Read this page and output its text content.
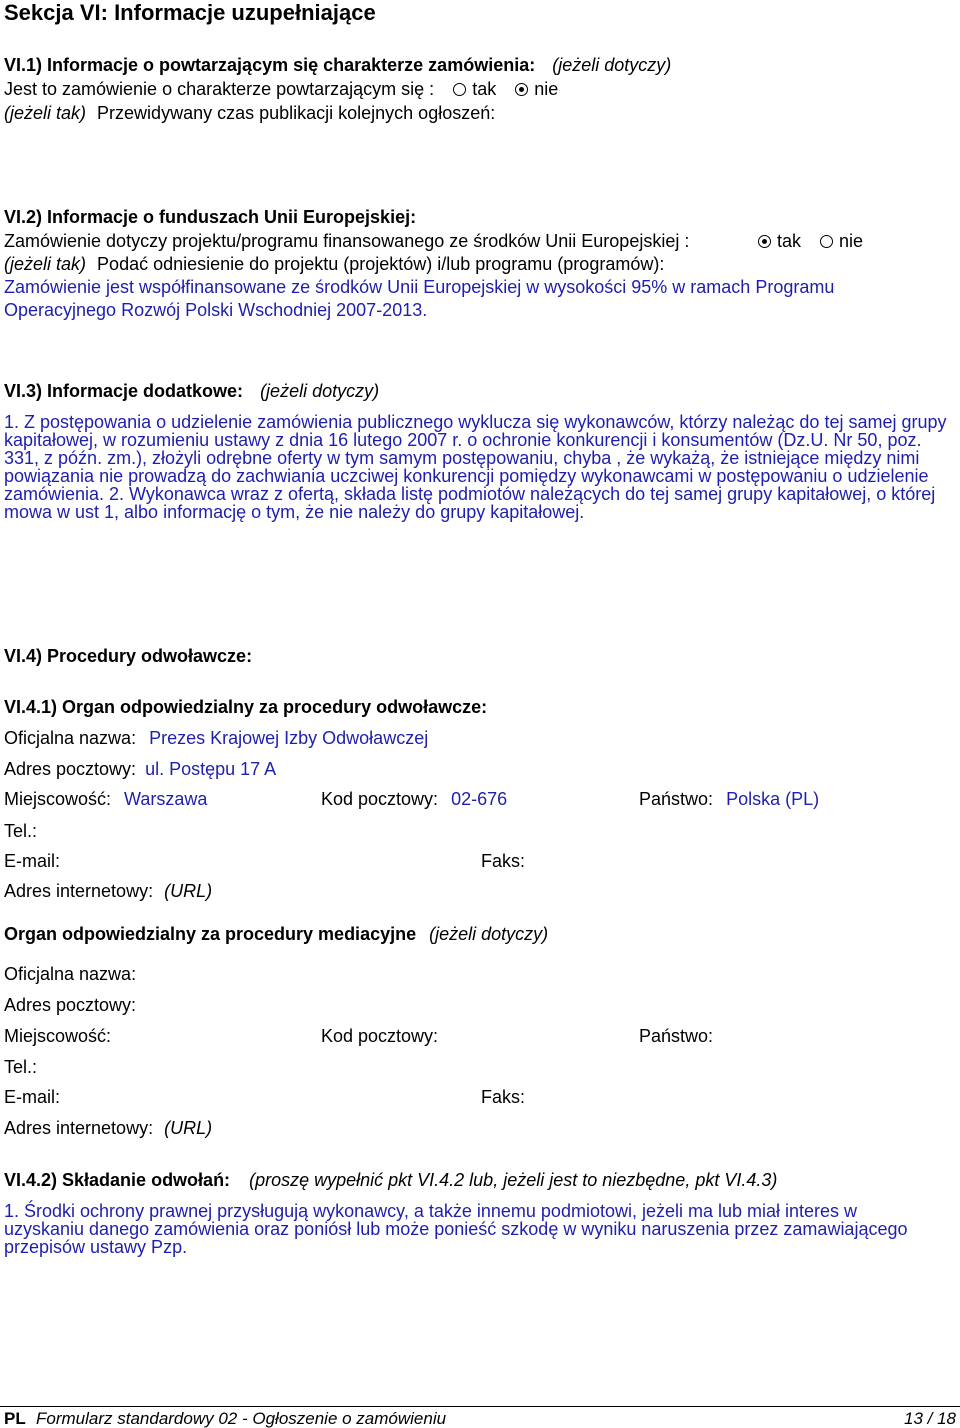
Sekcja VI: Informacje uzupełniające
VI.1) Informacje o powtarzającym się charakterze zamówienia: (jeżeli dotyczy)
Jest to zamówienie o charakterze powtarzającym się : tak nie
(jeżeli tak) Przewidywany czas publikacji kolejnych ogłoszeń:
VI.2) Informacje o funduszach Unii Europejskiej:
Zamówienie dotyczy projektu/programu finansowanego ze środków Unii Europejskiej :	tak nie
(jeżeli tak) Podać odniesienie do projektu (projektów) i/lub programu (programów):
Zamówienie jest współfinansowane ze środków Unii Europejskiej w wysokości 95% w ramach Programu
Operacyjnego Rozwój Polski Wschodniej 2007-2013.
VI.3) Informacje dodatkowe: (jeżeli dotyczy)
1. Z postępowania o udzielenie zamówienia publicznego wyklucza się wykonawców, którzy należąc do tej samej grupy kapitałowej, w rozumieniu ustawy z dnia 16 lutego 2007 r. o ochronie konkurencji i konsumentów (Dz.U. Nr 50, poz. 331, z późn. zm.), złożyli odrębne oferty w tym samym postępowaniu, chyba , że wykażą, że istniejące między nimi powiązania nie prowadzą do zachwiania uczciwej konkurencji pomiędzy wykonawcami w postępowaniu o udzielenie zamówienia. 2. Wykonawca wraz z ofertą, składa listę podmiotów należących do tej samej grupy kapitałowej, o której mowa w ust 1, albo informację o tym, że nie należy do grupy kapitałowej.
VI.4) Procedury odwoławcze:
VI.4.1) Organ odpowiedzialny za procedury odwoławcze:
Oficjalna nazwa: Prezes Krajowej Izby Odwoławczej
Adres pocztowy: ul. Postępu 17 A
Miejscowość: Warszawa	Kod pocztowy: 02-676	Państwo: Polska (PL)
Tel.:
E-mail:	Faks:
Adres internetowy: (URL)
Organ odpowiedzialny za procedury mediacyjne (jeżeli dotyczy)
Oficjalna nazwa:
Adres pocztowy:
Miejscowość:	Kod pocztowy:	Państwo:
Tel.:
E-mail:	Faks:
Adres internetowy: (URL)
VI.4.2) Składanie odwołań: (proszę wypełnić pkt VI.4.2 lub, jeżeli jest to niezbędne, pkt VI.4.3)
1. Środki ochrony prawnej przysługują wykonawcy, a także innemu podmiotowi, jeżeli ma lub miał interes w uzyskaniu danego zamówienia oraz poniósł lub może ponieść szkodę w wyniku naruszenia przez zamawiającego przepisów ustawy Pzp.
PL Formularz standardowy 02 - Ogłoszenie o zamówieniu	13 / 18
